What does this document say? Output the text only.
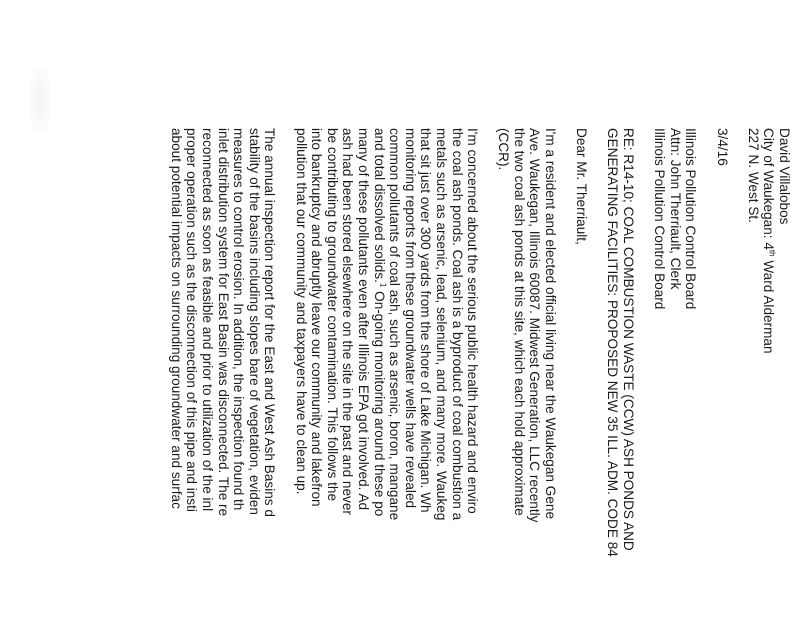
David Villalobos
City of Waukegan: 4th Ward Alderman
227 N. West St.
3/4/16
Illinois Pollution Control Board
Attn: John Therriault, Clerk
Illinois Pollution Control Board
RE: R14-10; COAL COMBUSTION WASTE (CCW) ASH PONDS AND
GENERATING FACILITIES: PROPOSED NEW 35 ILL. ADM. CODE 84
Dear Mr. Therriault,
I'm a resident and elected official living near the Waukegan Gene
Ave. Waukegan, Illinois 60087. Midwest Generation, LLC recently
the two coal ash ponds at this site, which each hold approximate
(CCR).
I'm concerned about the serious public health hazard and enviro
the coal ash ponds. Coal ash is a byproduct of coal combustion a
metals such as arsenic, lead, selenium, and many more. Waukeg
that sit just over 300 yards from the shore of Lake Michigan. Wh
monitoring reports from these groundwater wells have revealed
common pollutants of coal ash, such as arsenic, boron, mangane
and total dissolved solids.$^1$ On-going monitoring around these po
many of these pollutants even after Illinois EPA got involved. Ad
ash had been stored elsewhere on the site in the past and never
be contributing to groundwater contamination. This follows the
into bankruptcy and abruptly leave our community and lakefron
pollution that our community and taxpayers have to clean up.
The annual inspection report for the East and West Ash Basins d
stability of the basins including slopes bare of vegetation, eviden
measures to control erosion. In addition, the inspection found th
inlet distribution system for East Basin was disconnected. The re
reconnected as soon as feasible and prior to utilization of the inl
proper operation such as the disconnection of this pipe and insti
about potential impacts on surrounding groundwater and surfac
